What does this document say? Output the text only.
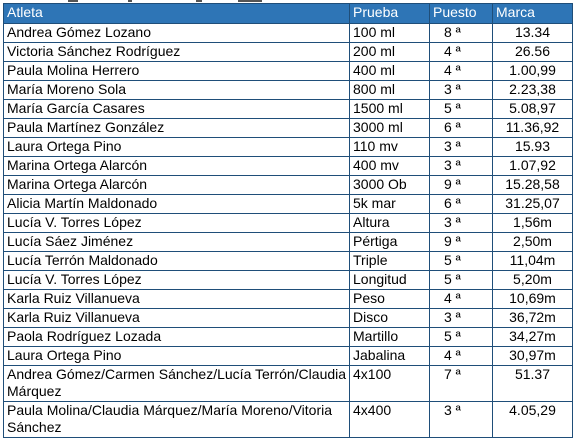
Atleta	Prueba	Puesto	Marca
Andrea Gómez Lozano	100 ml	8 ª	13.34
Victoria Sánchez Rodríguez	200 ml	4 ª	26.56
Paula Molina Herrero	400 ml	4 ª	1.00,99
María Moreno Sola	800 ml	3 ª	2.23,38
María García Casares	1500 ml	5 ª	5.08,97
Paula Martínez González	3000 ml	6 ª	11.36,92
Laura Ortega Pino	110 mv	3 ª	15.93
Marina Ortega Alarcón	400 mv	3 ª	1.07,92
Marina Ortega Alarcón	3000 Ob	9 ª	15.28,58
Alicia Martín Maldonado	5k mar	6 ª	31.25,07
Lucía V. Torres López	Altura	3 ª	1,56m
Lucía Sáez Jiménez	Pértiga	9 ª	2,50m
Lucía Terrón Maldonado	Triple	5 ª	11,04m
Lucía V. Torres López	Longitud	5 ª	5,20m
Karla Ruiz Villanueva	Peso	4 ª	10,69m
Karla Ruiz Villanueva	Disco	3 ª	36,72m
Paola Rodríguez Lozada	Martillo	5 ª	34,27m
Laura Ortega Pino	Jabalina	4 ª	30,97m
Andrea Gómez/Carmen Sánchez/Lucía Terrón/Claudia Márquez	4x100	7 ª	51.37
Paula Molina/Claudia Márquez/María Moreno/Vitoria Sánchez	4x400	3 ª	4.05,29
